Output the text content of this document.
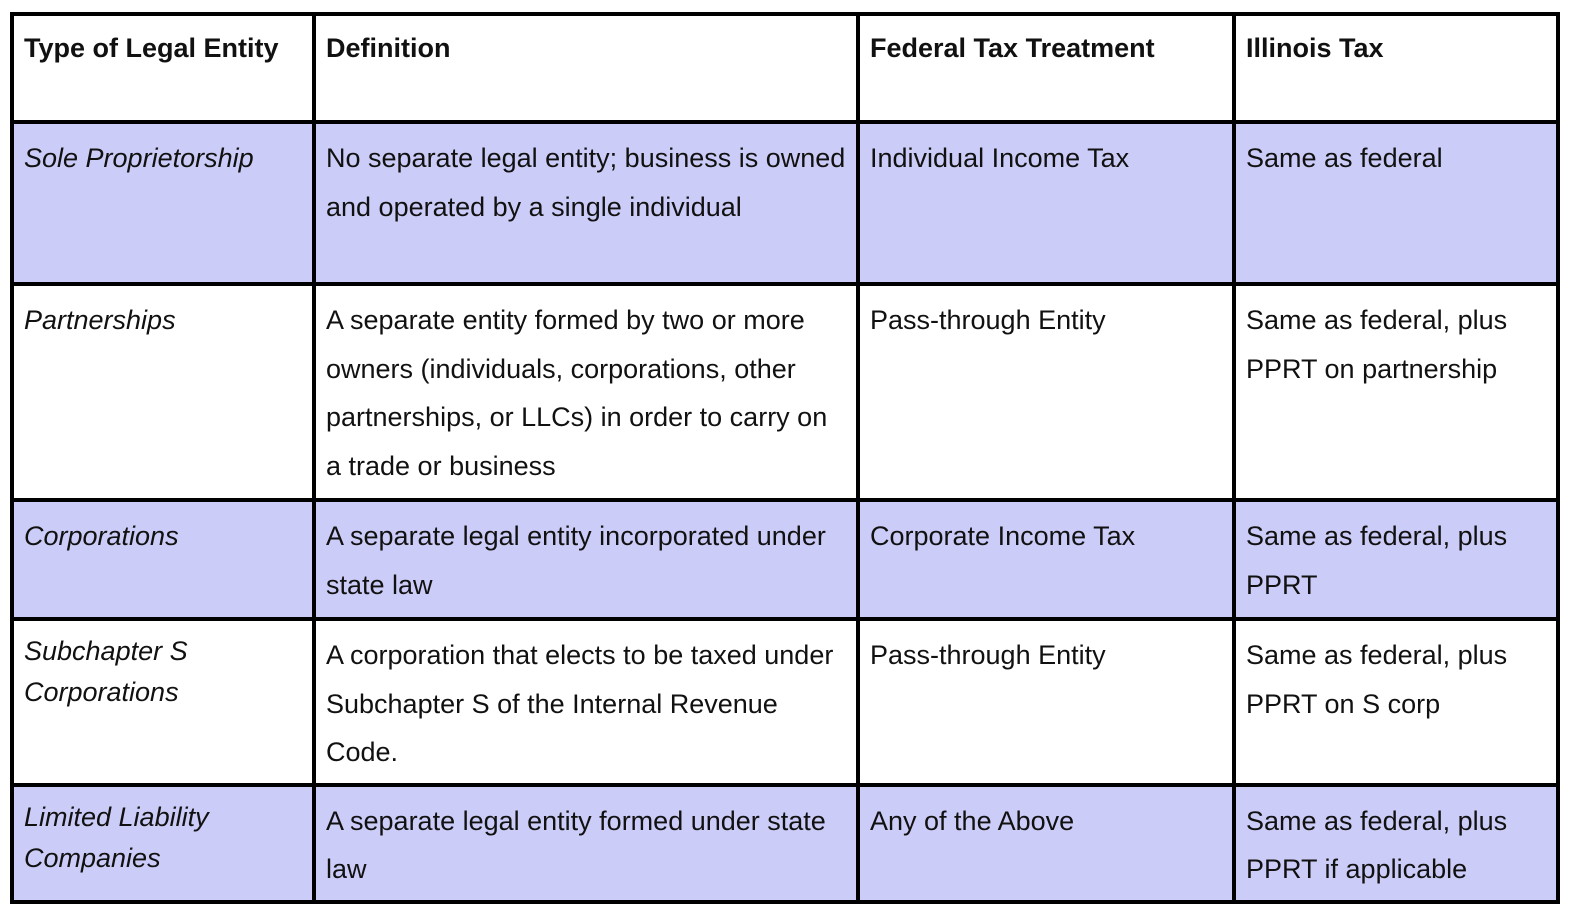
Type of Legal Entity	Definition	Federal Tax Treatment	Illinois Tax
Sole Proprietorship	No separate legal entity; business is owned and operated by a single individual	Individual Income Tax	Same as federal
Partnerships	A separate entity formed by two or more owners (individuals, corporations, other partnerships, or LLCs) in order to carry on a trade or business	Pass-through Entity	Same as federal, plus PPRT on partnership
Corporations	A separate legal entity incorporated under state law	Corporate Income Tax	Same as federal, plus PPRT
Subchapter S Corporations	A corporation that elects to be taxed under Subchapter S of the Internal Revenue Code.	Pass-through Entity	Same as federal, plus PPRT on S corp
Limited Liability Companies	A separate legal entity formed under state law	Any of the Above	Same as federal, plus PPRT if applicable
